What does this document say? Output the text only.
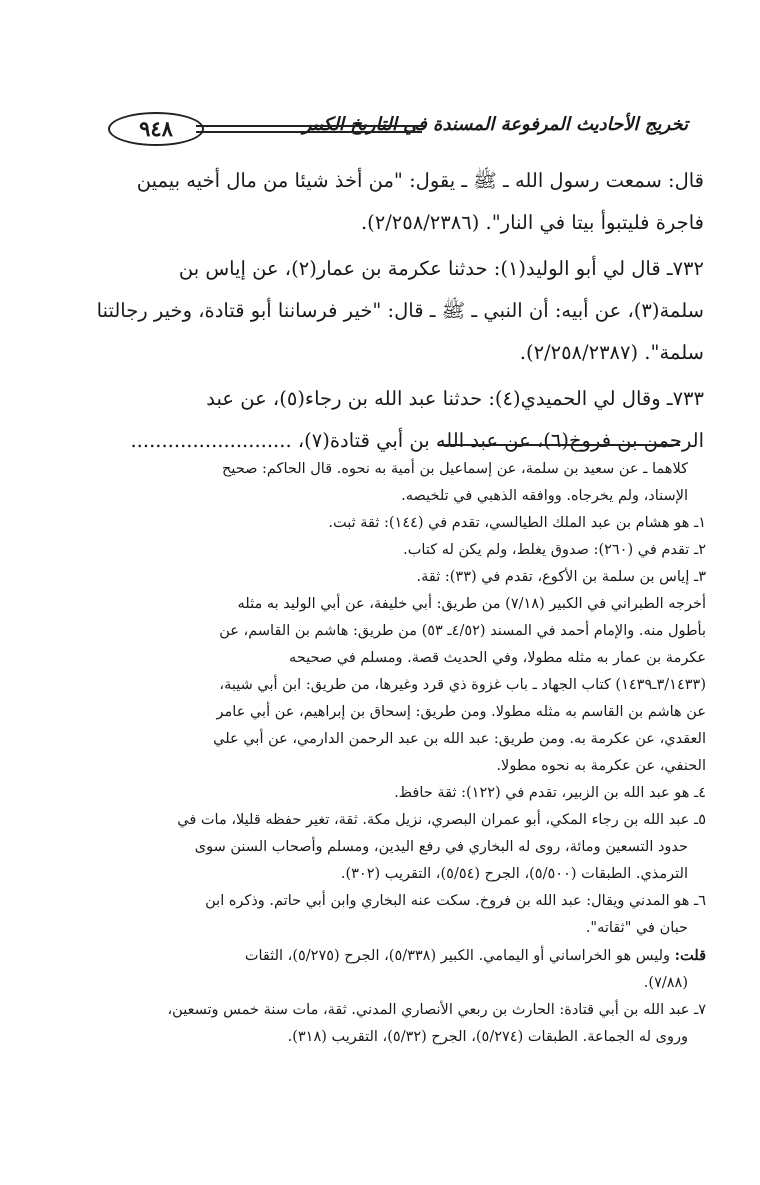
تخريج الأحاديث المرفوعة المسندة في التاريخ الكبير
٩٤٨

قال: سمعت رسول الله ـ ﷺ ـ يقول: "من أخذ شيئا من مال أخيه بيمين

فاجرة فليتبوأ بيتا في النار". (٢/٢٥٨/٢٣٨٦).

٧٣٢ـ قال لي أبو الوليد(١): حدثنا عكرمة بن عمار(٢)، عن إياس بن

سلمة(٣)، عن أبيه: أن النبي ـ ﷺ ـ قال: "خير فرساننا أبو قتادة، وخير رجالتنا

سلمة". (٢/٢٥٨/٢٣٨٧).

٧٣٣ـ وقال لي الحميدي(٤): حدثنا عبد الله بن رجاء(٥)، عن عبد

الرحمن بن فروخ(٦)، عن عبد الله بن أبي قتادة(٧)، ..........................

كلاهما ـ عن سعيد بن سلمة، عن إسماعيل بن أمية به نحوه. قال الحاكم: صحيح

الإسناد، ولم يخرجاه. ووافقه الذهبي في تلخيصه.

١ـ هو هشام بن عبد الملك الطيالسي، تقدم في (١٤٤): ثقة ثبت.

٢ـ تقدم في (٢٦٠): صدوق يغلط، ولم يكن له كتاب.

٣ـ إياس بن سلمة بن الأكوع، تقدم في (٣٣): ثقة.

أخرجه الطبراني في الكبير (٧/١٨) من طريق: أبي خليفة، عن أبي الوليد به مثله

بأطول منه. والإمام أحمد في المسند (٤/٥٢ـ ٥٣) من طريق: هاشم بن القاسم، عن

عكرمة بن عمار به مثله مطولا، وفي الحديث قصة. ومسلم في صحيحه

(٣/١٤٣٣ـ١٤٣٩) كتاب الجهاد ـ باب غزوة ذي قرد وغيرها، من طريق: ابن أبي شيبة،

عن هاشم بن القاسم به مثله مطولا. ومن طريق: إسحاق بن إبراهيم، عن أبي عامر

العقدي، عن عكرمة به. ومن طريق: عبد الله بن عبد الرحمن الدارمي، عن أبي علي

الحنفي، عن عكرمة به نحوه مطولا.

٤ـ هو عبد الله بن الزبير، تقدم في (١٢٢): ثقة حافظ.

٥ـ عبد الله بن رجاء المكي، أبو عمران البصري، نزيل مكة. ثقة، تغير حفظه قليلا، مات في

حدود التسعين ومائة، روى له البخاري في رفع اليدين، ومسلم وأصحاب السنن سوى

الترمذي. الطبقات (٥/٥٠٠)، الجرح (٥/٥٤)، التقريب (٣٠٢).

٦ـ هو المدني ويقال: عبد الله بن فروخ. سكت عنه البخاري وابن أبي حاتم. وذكره ابن

حبان في "ثقاته".

قلت: وليس هو الخراساني أو اليمامي. الكبير (٥/٣٣٨)، الجرح (٥/٢٧٥)، الثقات

(٧/٨٨).

٧ـ عبد الله بن أبي قتادة: الحارث بن ربعي الأنصاري المدني. ثقة، مات سنة خمس وتسعين،

وروى له الجماعة. الطبقات (٥/٢٧٤)، الجرح (٥/٣٢)، التقريب (٣١٨).
